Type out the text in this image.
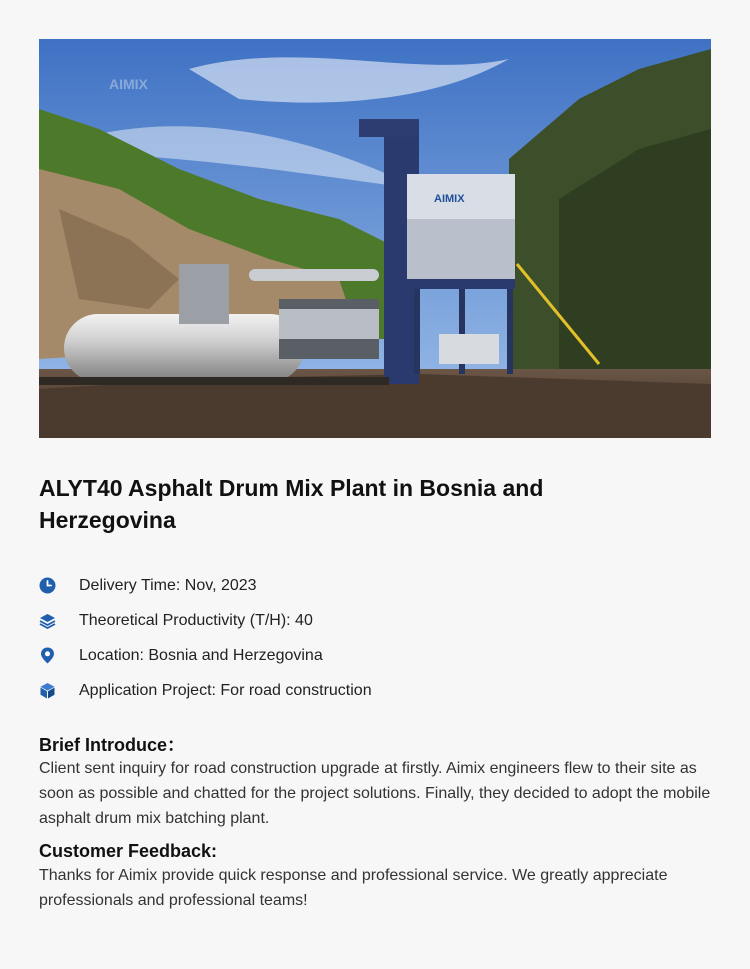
AIMIX
AIMIX
ALYT40 Asphalt Drum Mix Plant in Bosnia and Herzegovina
Delivery Time: Nov, 2023
Theoretical Productivity (T/H): 40
Location: Bosnia and Herzegovina
Application Project: For road construction
Brief Introduce：

Client sent inquiry for road construction upgrade at firstly. Aimix engineers flew to their site as soon as possible and chatted for the project solutions. Finally, they decided to adopt the mobile asphalt drum mix batching plant.

Customer Feedback:

Thanks for Aimix provide quick response and professional service. We greatly appreciate professionals and professional teams!
